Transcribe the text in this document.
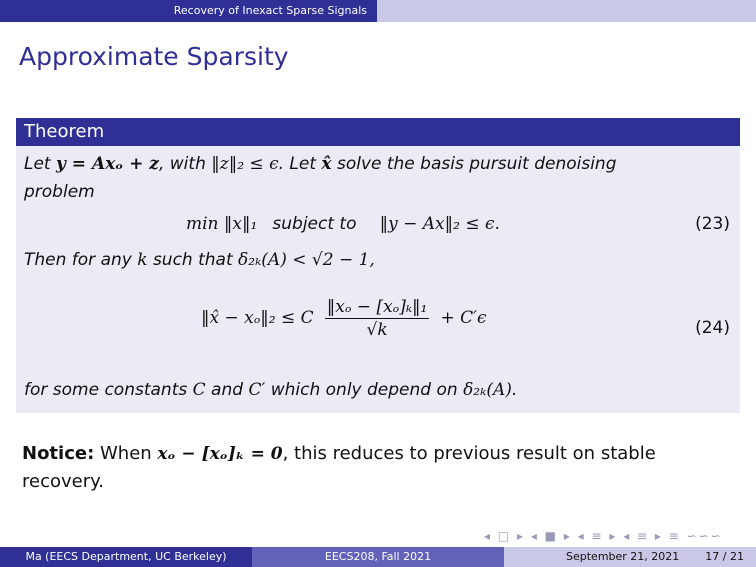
Recovery of Inexact Sparse Signals
Approximate Sparsity
Theorem
Let y = Axₒ + z, with ‖z‖₂ ≤ ϵ. Let x̂ solve the basis pursuit denoising
problem
min ‖x‖₁ subject to ‖y − Ax‖₂ ≤ ϵ.	(23)
Then for any k such that δ₂ₖ(A) < √2 − 1,
‖x̂ − xₒ‖₂ ≤ C $\frac{\text{‖xₒ − [xₒ]ₖ‖₁}}{√k} + C'\epsilon$	(24)
for some constants C and C′ which only depend on δ₂ₖ(A).
Notice: When xₒ − [xₒ]ₖ = 0, this reduces to previous result on stable
recovery.
◂ □ ▸ ◂ ■ ▸ ◂ ≡ ▸ ◂ ≡ ▸ ≡ ∽∽∽
Ma (EECS Department, UC Berkeley)	EECS208, Fall 2021	September 21, 2021 17 / 21
